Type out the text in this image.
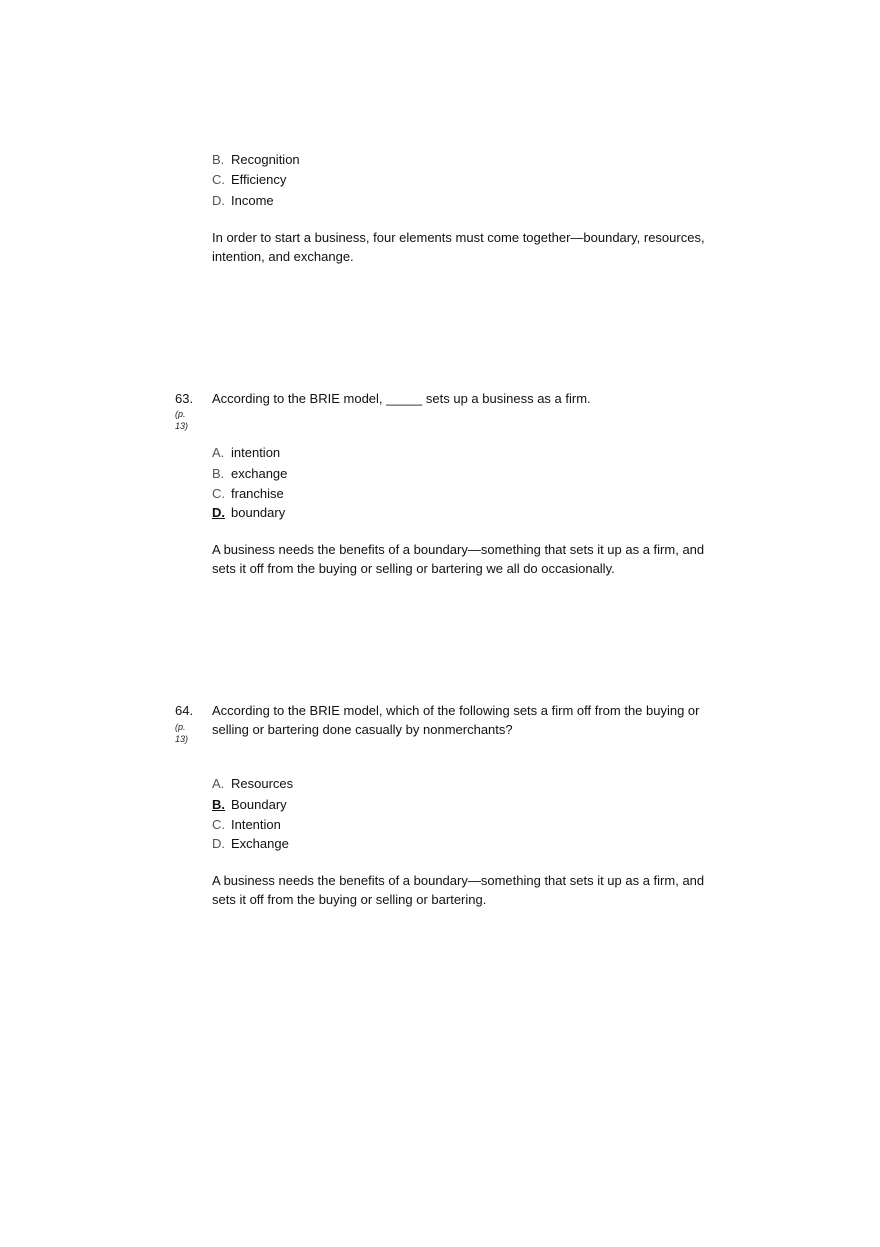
B. Recognition
C. Efficiency
D. Income
In order to start a business, four elements must come together—boundary, resources, intention, and exchange.
63.
(p. 13)
According to the BRIE model, _____ sets up a business as a firm.
A. intention
B. exchange
C. franchise
D. boundary
A business needs the benefits of a boundary—something that sets it up as a firm, and sets it off from the buying or selling or bartering we all do occasionally.
64.
(p. 13)
According to the BRIE model, which of the following sets a firm off from the buying or selling or bartering done casually by nonmerchants?
A. Resources
B. Boundary
C. Intention
D. Exchange
A business needs the benefits of a boundary—something that sets it up as a firm, and sets it off from the buying or selling or bartering.
